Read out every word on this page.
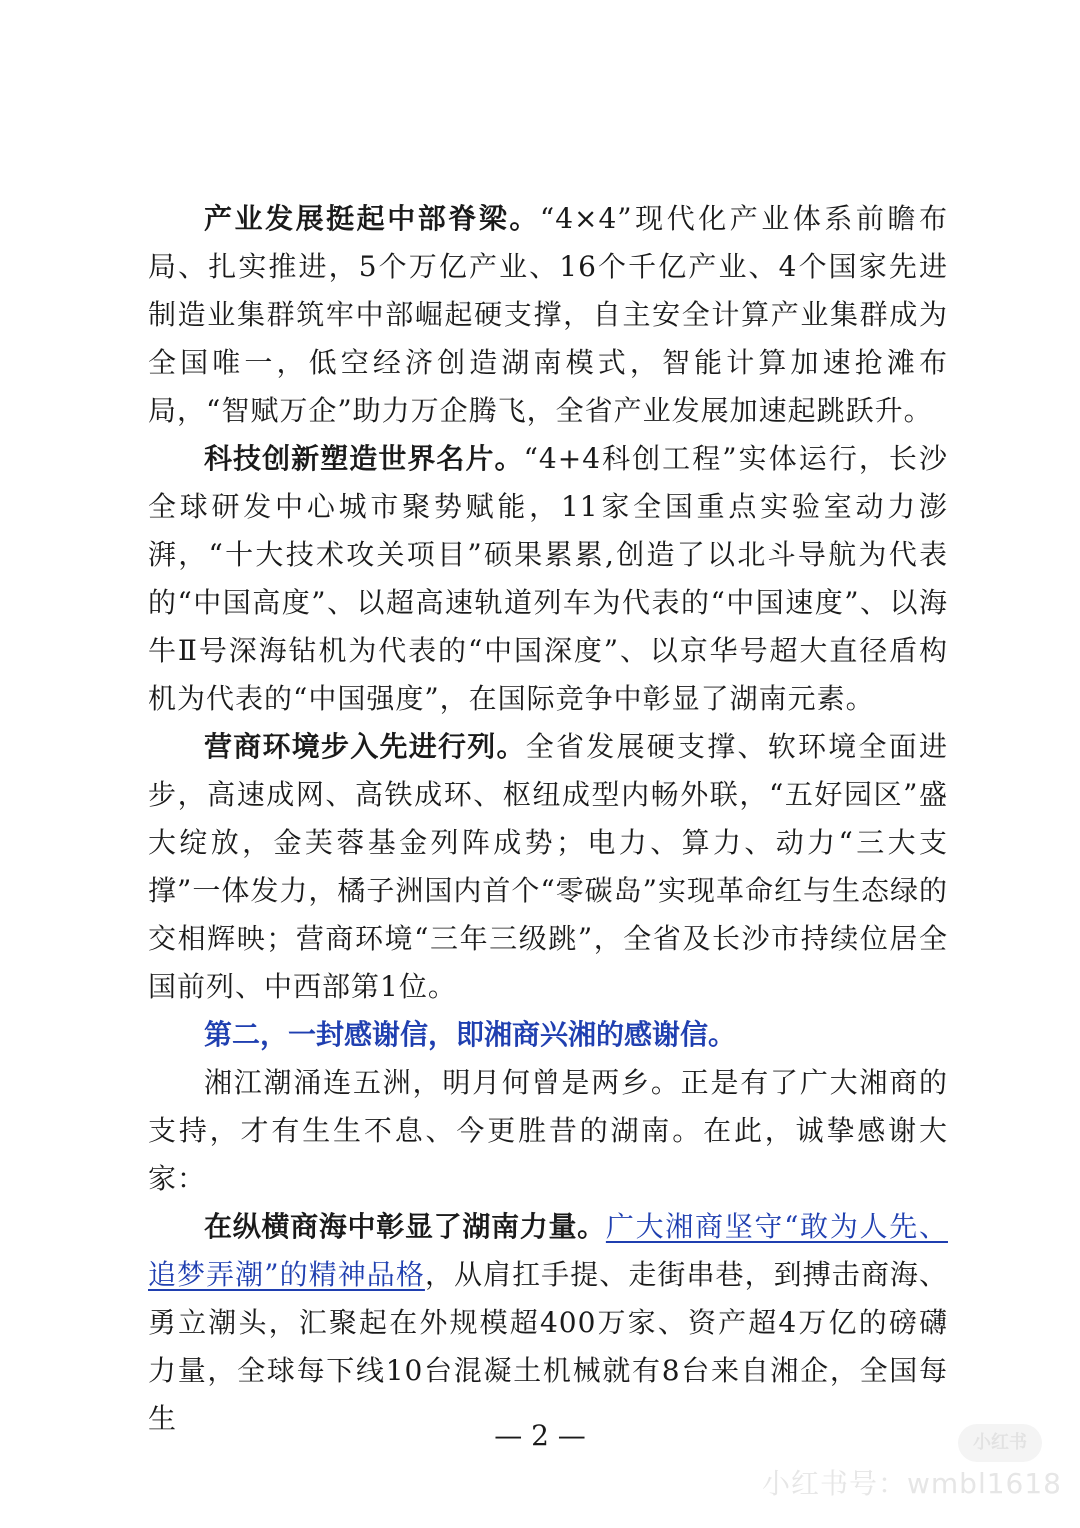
产业发展挺起中部脊梁。“4×4”现代化产业体系前瞻布局、扎实推进，5个万亿产业、16个千亿产业、4个国家先进制造业集群筑牢中部崛起硬支撑，自主安全计算产业集群成为全国唯一，低空经济创造湖南模式，智能计算加速抢滩布局，“智赋万企”助力万企腾飞，全省产业发展加速起跳跃升。

科技创新塑造世界名片。“4+4科创工程”实体运行，长沙全球研发中心城市聚势赋能，11家全国重点实验室动力澎湃，“十大技术攻关项目”硕果累累,创造了以北斗导航为代表的“中国高度”、以超高速轨道列车为代表的“中国速度”、以海牛Ⅱ号深海钻机为代表的“中国深度”、以京华号超大直径盾构机为代表的“中国强度”，在国际竞争中彰显了湖南元素。

营商环境步入先进行列。全省发展硬支撑、软环境全面进步，高速成网、高铁成环、枢纽成型内畅外联，“五好园区”盛大绽放，金芙蓉基金列阵成势；电力、算力、动力“三大支撑”一体发力，橘子洲国内首个“零碳岛”实现革命红与生态绿的交相辉映；营商环境“三年三级跳”，全省及长沙市持续位居全国前列、中西部第1位。

第二，一封感谢信，即湘商兴湘的感谢信。

湘江潮涌连五洲，明月何曾是两乡。正是有了广大湘商的支持，才有生生不息、今更胜昔的湖南。在此，诚挚感谢大家：

在纵横商海中彰显了湖南力量。广大湘商坚守“敢为人先、追梦弄潮”的精神品格，从肩扛手提、走街串巷，到搏击商海、勇立潮头，汇聚起在外规模超400万家、资产超4万亿的磅礴力量，全球每下线10台混凝土机械就有8台来自湘企，全国每生

— 2 —	小红书
小红书号：wmbl1618
